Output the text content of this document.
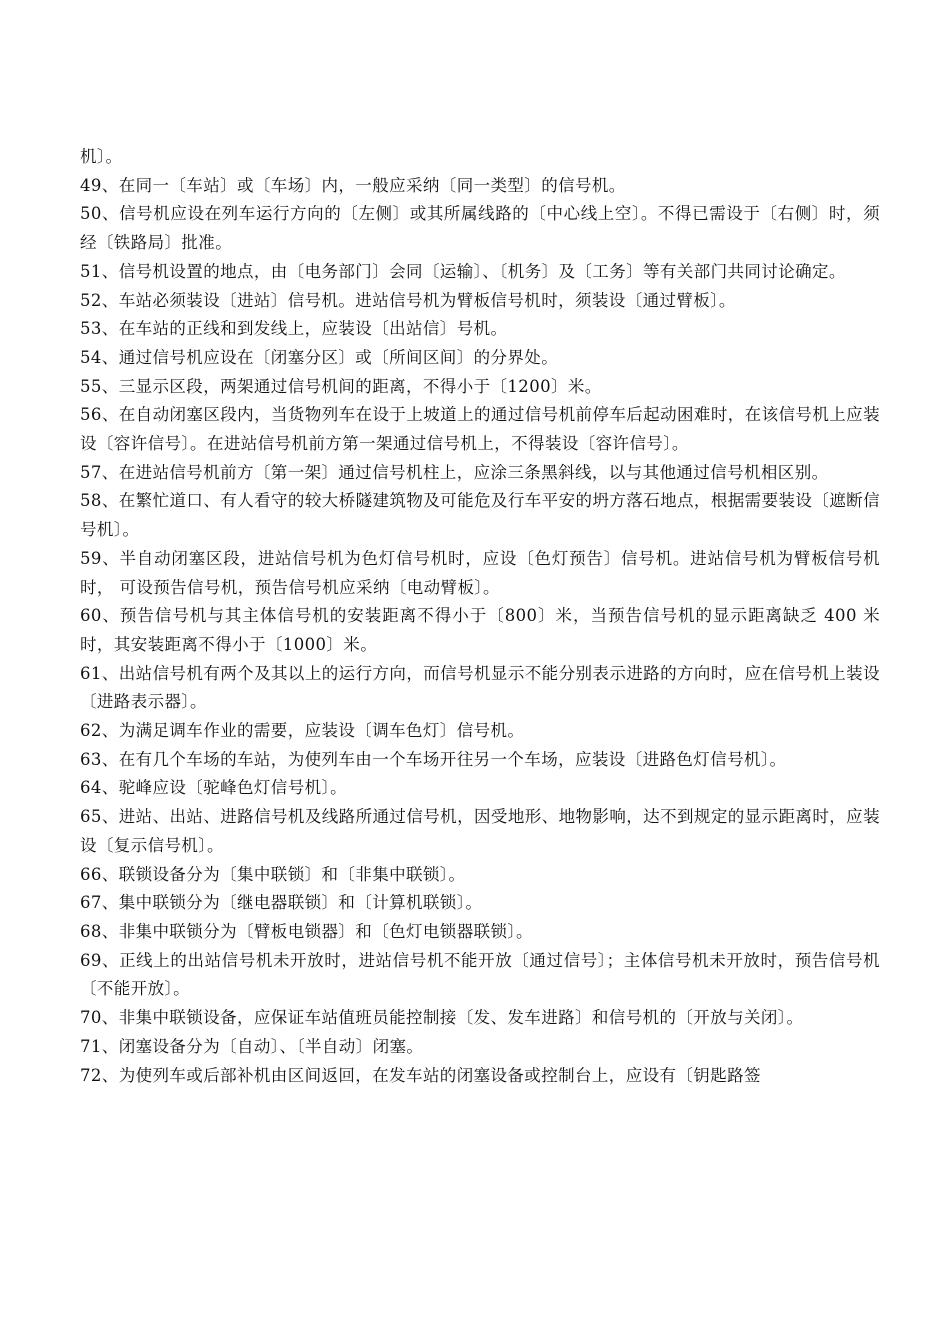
机〕。

49、在同一〔车站〕或〔车场〕内，一般应采纳〔同一类型〕的信号机。

50、信号机应设在列车运行方向的〔左侧〕或其所属线路的〔中心线上空〕。不得已需设于〔右侧〕时，须经〔铁路局〕批准。

51、信号机设置的地点，由〔电务部门〕会同〔运输〕、〔机务〕及〔工务〕等有关部门共同讨论确定。

52、车站必须装设〔进站〕信号机。进站信号机为臂板信号机时，须装设〔通过臂板〕。

53、在车站的正线和到发线上，应装设〔出站信〕号机。

54、通过信号机应设在〔闭塞分区〕或〔所间区间〕的分界处。

55、三显示区段，两架通过信号机间的距离，不得小于〔1200〕米。

56、在自动闭塞区段内，当货物列车在设于上坡道上的通过信号机前停车后起动困难时，在该信号机上应装设〔容许信号〕。在进站信号机前方第一架通过信号机上，不得装设〔容许信号〕。

57、在进站信号机前方〔第一架〕通过信号机柱上，应涂三条黑斜线，以与其他通过信号机相区别。

58、在繁忙道口、有人看守的较大桥隧建筑物及可能危及行车平安的坍方落石地点，根据需要装设〔遮断信号机〕。

59、半自动闭塞区段，进站信号机为色灯信号机时，应设〔色灯预告〕信号机。进站信号机为臂板信号机时， 可设预告信号机，预告信号机应采纳〔电动臂板〕。

60、预告信号机与其主体信号机的安装距离不得小于〔800〕米，当预告信号机的显示距离缺乏 400 米时，其安装距离不得小于〔1000〕米。

61、出站信号机有两个及其以上的运行方向，而信号机显示不能分别表示进路的方向时，应在信号机上装设〔进路表示器〕。

62、为满足调车作业的需要，应装设〔调车色灯〕信号机。

63、在有几个车场的车站，为使列车由一个车场开往另一个车场，应装设〔进路色灯信号机〕。

64、驼峰应设〔驼峰色灯信号机〕。

65、进站、出站、进路信号机及线路所通过信号机，因受地形、地物影响，达不到规定的显示距离时，应装设〔复示信号机〕。

66、联锁设备分为〔集中联锁〕和〔非集中联锁〕。

67、集中联锁分为〔继电器联锁〕和〔计算机联锁〕。

68、非集中联锁分为〔臂板电锁器〕和〔色灯电锁器联锁〕。

69、正线上的出站信号机未开放时，进站信号机不能开放〔通过信号〕；主体信号机未开放时，预告信号机〔不能开放〕。

70、非集中联锁设备，应保证车站值班员能控制接〔发、发车进路〕和信号机的〔开放与关闭〕。

71、闭塞设备分为〔自动〕、〔半自动〕闭塞。

72、为使列车或后部补机由区间返回，在发车站的闭塞设备或控制台上，应设有〔钥匙路签
